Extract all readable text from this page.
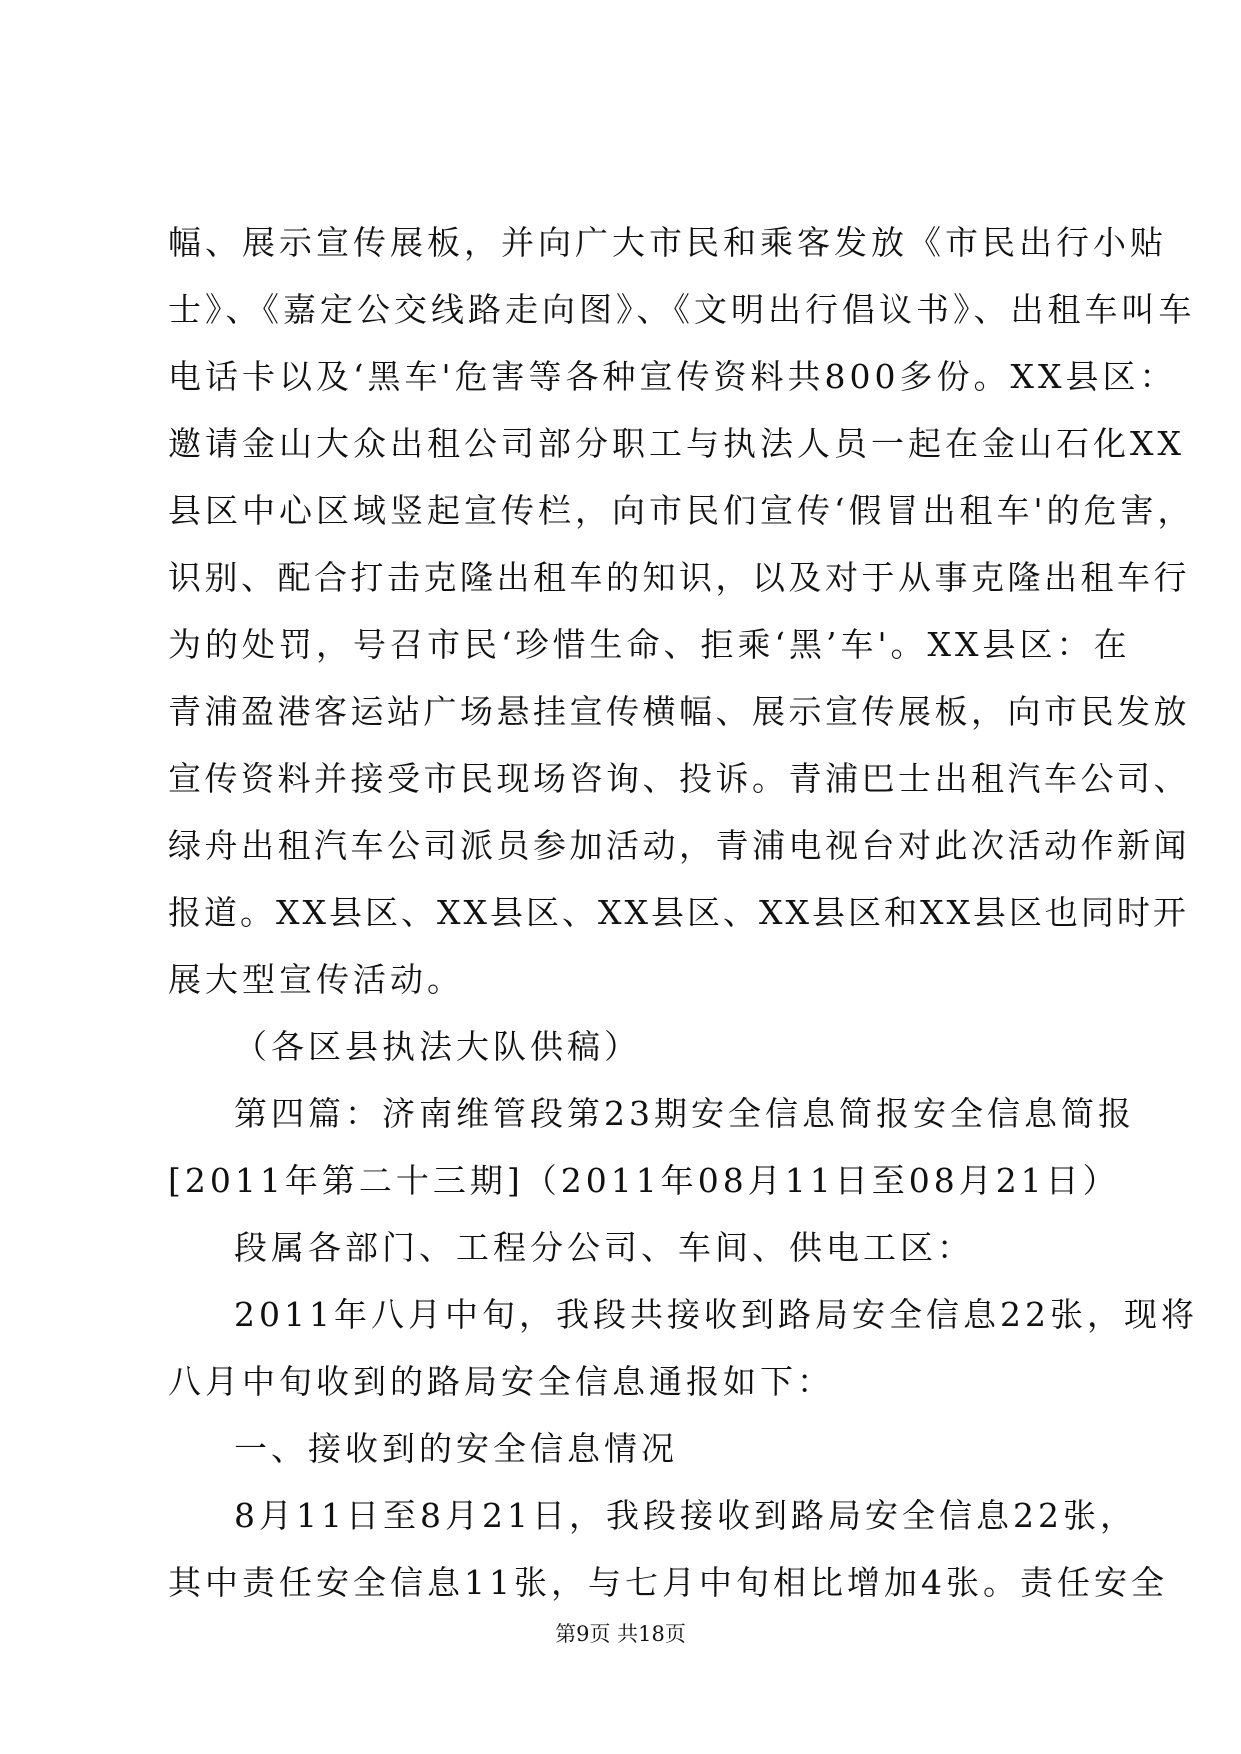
幅、展示宣传展板，并向广大市民和乘客发放《市民出行小贴
士》、《嘉定公交线路走向图》、《文明出行倡议书》、出租车叫车
电话卡以及‘黑车'危害等各种宣传资料共800多份。XX县区：
邀请金山大众出租公司部分职工与执法人员一起在金山石化XX
县区中心区域竖起宣传栏，向市民们宣传‘假冒出租车'的危害，
识别、配合打击克隆出租车的知识，以及对于从事克隆出租车行
为的处罚，号召市民‘珍惜生命、拒乘‘黑’车'。XX县区：在
青浦盈港客运站广场悬挂宣传横幅、展示宣传展板，向市民发放
宣传资料并接受市民现场咨询、投诉。青浦巴士出租汽车公司、
绿舟出租汽车公司派员参加活动，青浦电视台对此次活动作新闻
报道。XX县区、XX县区、XX县区、XX县区和XX县区也同时开
展大型宣传活动。
（各区县执法大队供稿）
第四篇：济南维管段第23期安全信息简报安全信息简报
[2011年第二十三期]（2011年08月11日至08月21日）
段属各部门、工程分公司、车间、供电工区：
2011年八月中旬，我段共接收到路局安全信息22张，现将
八月中旬收到的路局安全信息通报如下：
一、接收到的安全信息情况
8月11日至8月21日，我段接收到路局安全信息22张，
其中责任安全信息11张，与七月中旬相比增加4张。责任安全
第9页 共18页
